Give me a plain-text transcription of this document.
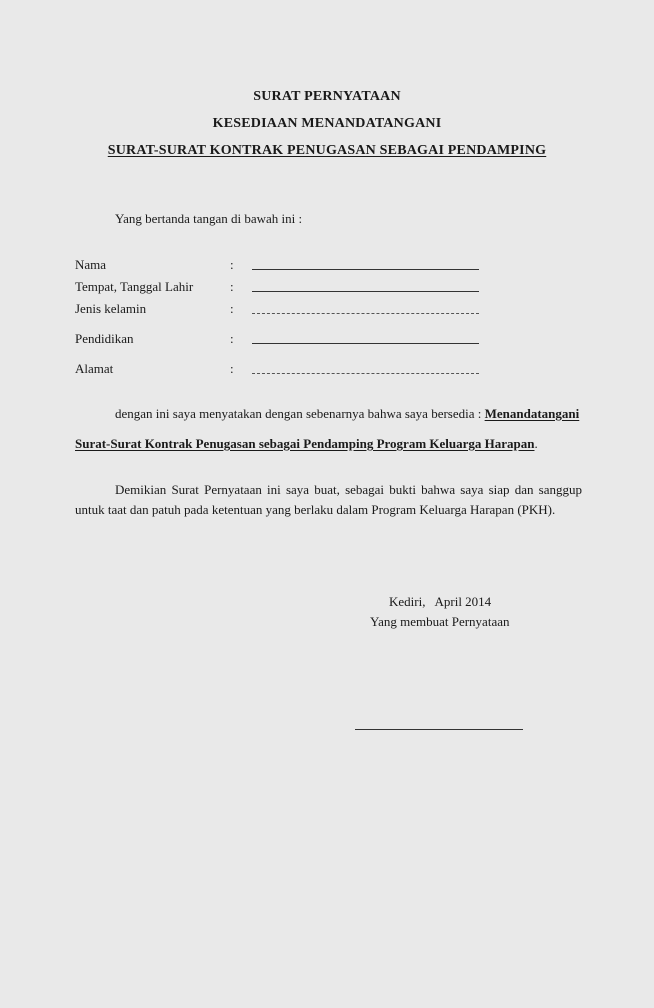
SURAT PERNYATAAN
KESEDIAAN MENANDATANGANI
SURAT-SURAT KONTRAK PENUGASAN SEBAGAI PENDAMPING
Yang bertanda tangan di bawah ini :
Nama	:
Tempat, Tanggal Lahir	:
Jenis kelamin	:
Pendidikan	:
Alamat	:
dengan ini saya menyatakan dengan sebenarnya bahwa saya bersedia : Menandatangani
Surat-Surat Kontrak Penugasan sebagai Pendamping Program Keluarga Harapan.
Demikian Surat Pernyataan ini saya buat, sebagai bukti bahwa saya siap dan sanggup
untuk taat dan patuh pada ketentuan yang berlaku dalam Program Keluarga Harapan (PKH).
Kediri,   April 2014
Yang membuat Pernyataan
